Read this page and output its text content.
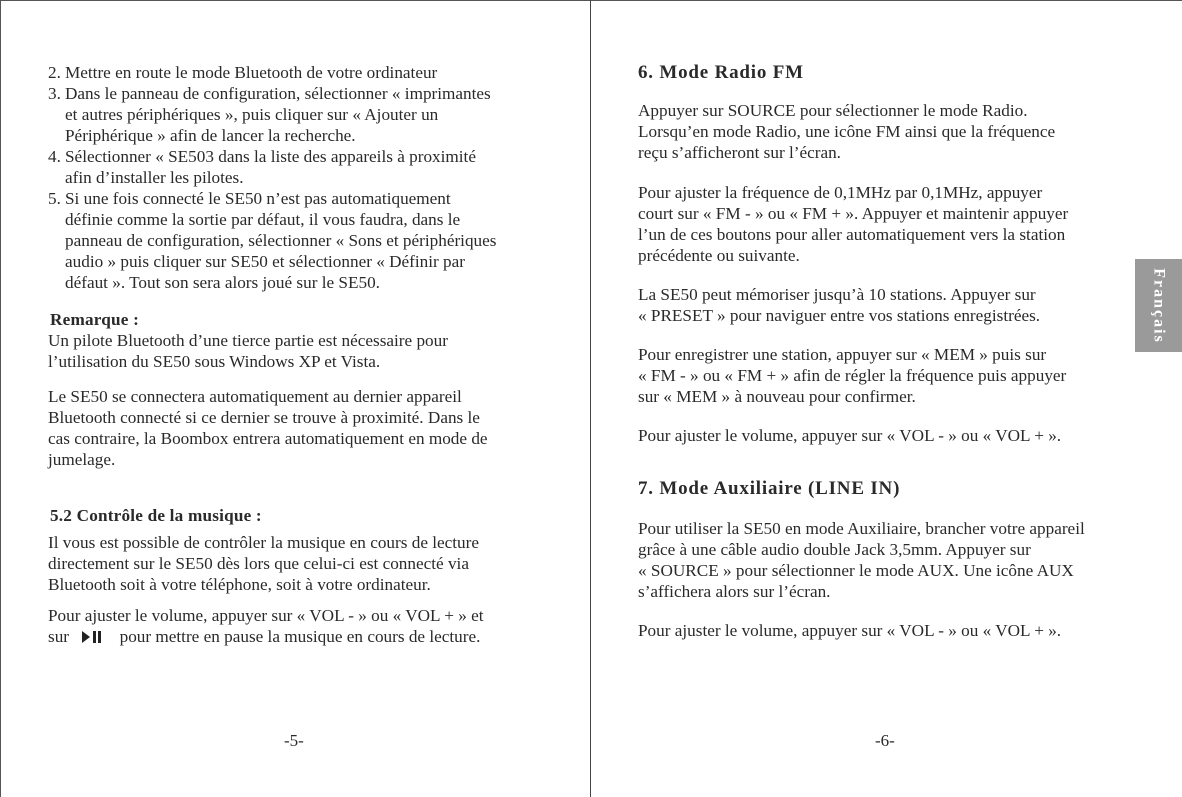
2. Mettre en route le mode Bluetooth de votre ordinateur
3. Dans le panneau de configuration, sélectionner « imprimantes
et autres périphériques », puis cliquer sur « Ajouter un
Périphérique » afin de lancer la recherche.
4. Sélectionner « SE503 dans la liste des appareils à proximité
afin d’installer les pilotes.
5. Si une fois connecté le SE50 n’est pas automatiquement
définie comme la sortie par défaut, il vous faudra, dans le
panneau de configuration, sélectionner « Sons et périphériques
audio » puis cliquer sur SE50 et sélectionner « Définir par
défaut ». Tout son sera alors joué sur le SE50.
Remarque :
Un pilote Bluetooth d’une tierce partie est nécessaire pour
l’utilisation du SE50 sous Windows XP et Vista.
Le SE50 se connectera automatiquement au dernier appareil
Bluetooth connecté si ce dernier se trouve à proximité. Dans le
cas contraire, la Boombox entrera automatiquement en mode de
jumelage.
5.2 Contrôle de la musique :
Il vous est possible de contrôler la musique en cours de lecture
directement sur le SE50 dès lors que celui-ci est connecté via
Bluetooth soit à votre téléphone, soit à votre ordinateur.
Pour ajuster le volume, appuyer sur « VOL - » ou « VOL + » et
sur	pour mettre en pause la musique en cours de lecture.
-5-
6. Mode Radio FM
Appuyer sur SOURCE pour sélectionner le mode Radio.
Lorsqu’en mode Radio, une icône FM ainsi que la fréquence
reçu s’afficheront sur l’écran.
Pour ajuster la fréquence de 0,1MHz par 0,1MHz, appuyer
court sur « FM - » ou « FM + ». Appuyer et maintenir appuyer
l’un de ces boutons pour aller automatiquement vers la station
précédente ou suivante.
La SE50 peut mémoriser jusqu’à 10 stations. Appuyer sur
« PRESET » pour naviguer entre vos stations enregistrées.
Pour enregistrer une station, appuyer sur « MEM » puis sur
« FM - » ou « FM + » afin de régler la fréquence puis appuyer
sur « MEM » à nouveau pour confirmer.
Pour ajuster le volume, appuyer sur « VOL - » ou « VOL + ».
7. Mode Auxiliaire (LINE IN)
Pour utiliser la SE50 en mode Auxiliaire, brancher votre appareil
grâce à une câble audio double Jack 3,5mm. Appuyer sur
« SOURCE » pour sélectionner le mode AUX. Une icône AUX
s’affichera alors sur l’écran.
Pour ajuster le volume, appuyer sur « VOL - » ou « VOL + ».
-6-
Français
